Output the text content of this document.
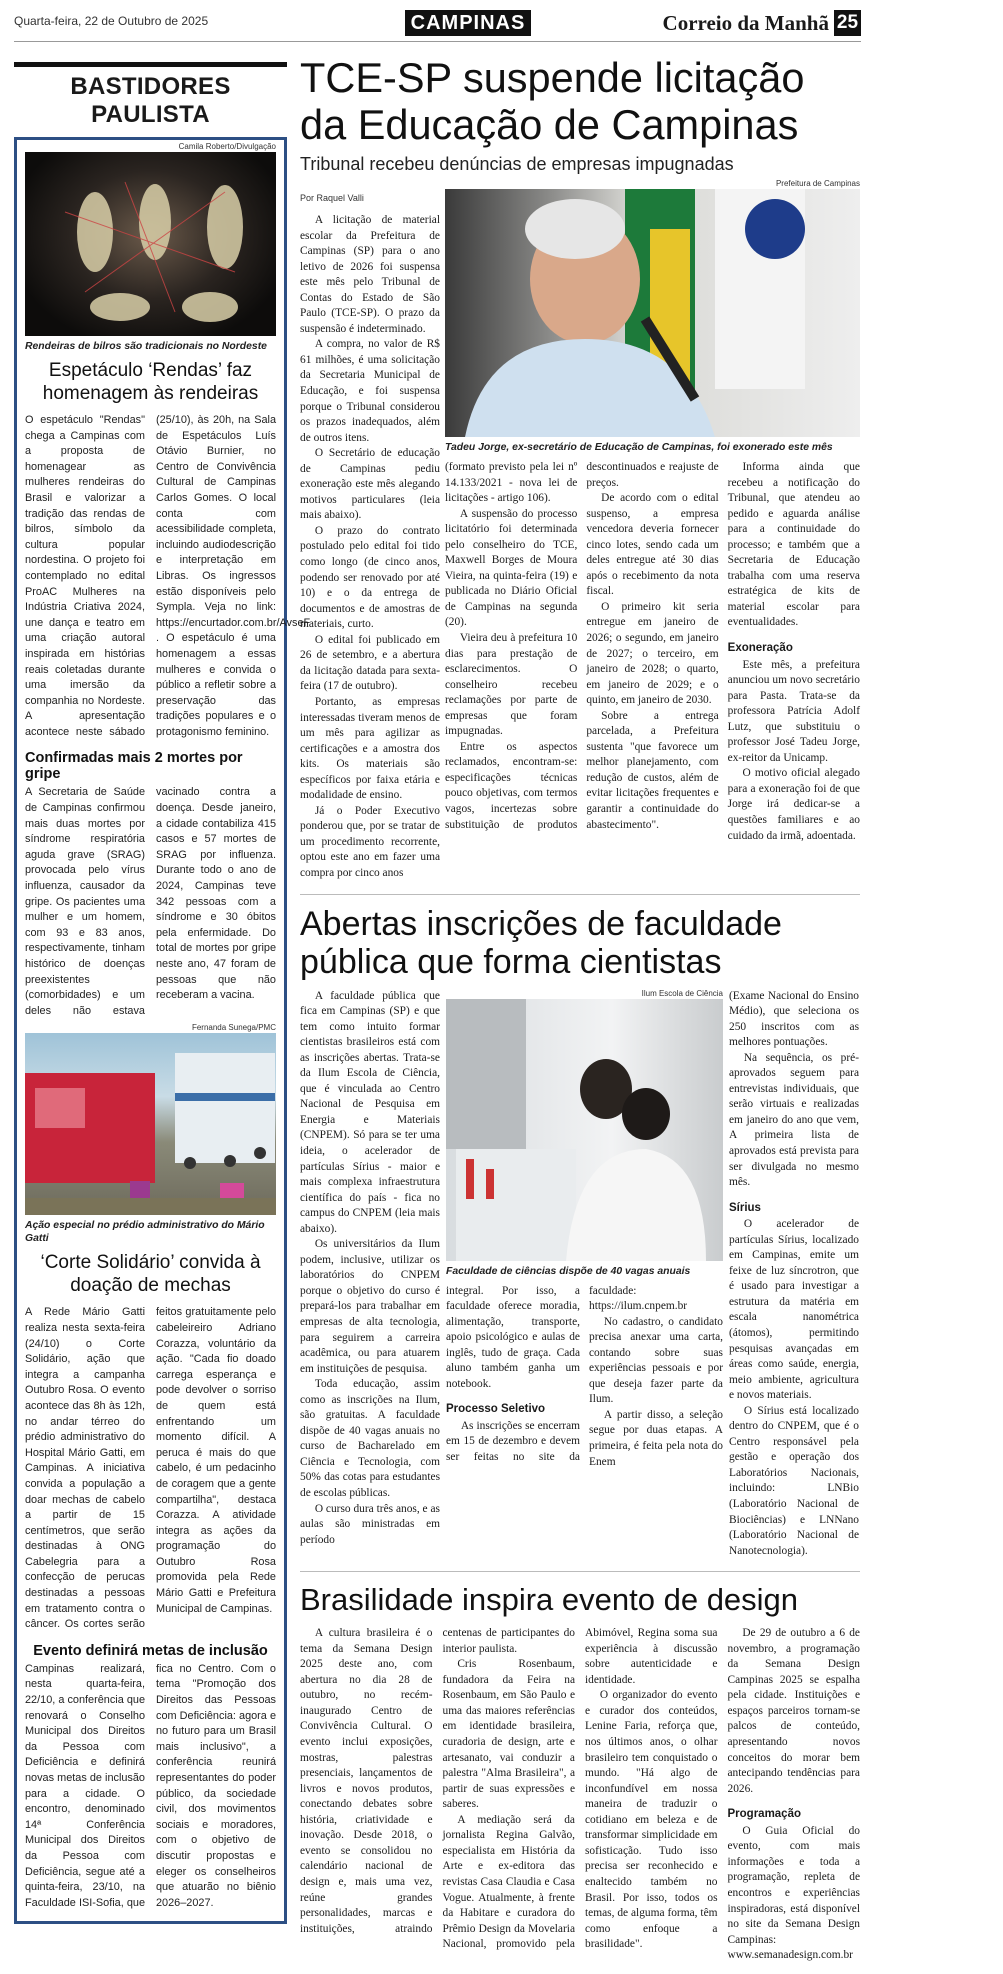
Quarta-feira, 22 de Outubro de 2025	CAMPINAS	Correio da Manhã 25
BASTIDORES PAULISTA
Camila Roberto/Divulgação
Rendeiras de bilros são tradicionais no Nordeste
Espetáculo ‘Rendas’ faz homenagem às rendeiras

O espetáculo "Rendas" chega a Campinas com a proposta de homenagear as mulheres rendeiras do Brasil e valorizar a tradição das rendas de bilros, símbolo da cultura popular nordestina. O projeto foi contemplado no edital ProAC Mulheres na Indústria Criativa 2024, une dança e teatro em uma criação autoral inspirada em histórias reais coletadas durante uma imersão da companhia no Nordeste. A apresentação acontece neste sábado (25/10), às 20h, na Sala de Espetáculos Luís Otávio Burnier, no Centro de Convivência Cultural de Campinas Carlos Gomes. O local conta com acessibilidade completa, incluindo audiodescrição e interpretação em Libras. Os ingressos estão disponíveis pelo Sympla. Veja no link: https://encurtador.com.br/AvseF . O espetáculo é uma homenagem a essas mulheres e convida o público a refletir sobre a preservação das tradições populares e o protagonismo feminino.

Confirmadas mais 2 mortes por gripe

A Secretaria de Saúde de Campinas confirmou mais duas mortes por síndrome respiratória aguda grave (SRAG) provocada pelo vírus influenza, causador da gripe. Os pacientes uma mulher e um homem, com 93 e 83 anos, respectivamente, tinham histórico de doenças preexistentes (comorbidades) e um deles não estava vacinado contra a doença. Desde janeiro, a cidade contabiliza 415 casos e 57 mortes de SRAG por influenza. Durante todo o ano de 2024, Campinas teve 342 pessoas com a síndrome e 30 óbitos pela enfermidade. Do total de mortes por gripe neste ano, 47 foram de pessoas que não receberam a vacina.

Fernanda Sunega/PMC
Ação especial no prédio administrativo do Mário Gatti
‘Corte Solidário’ convida à doação de mechas

A Rede Mário Gatti realiza nesta sexta-feira (24/10) o Corte Solidário, ação que integra a campanha Outubro Rosa. O evento acontece das 8h às 12h, no andar térreo do prédio administrativo do Hospital Mário Gatti, em Campinas. A iniciativa convida a população a doar mechas de cabelo a partir de 15 centímetros, que serão destinadas à ONG Cabelegria para a confecção de perucas destinadas a pessoas em tratamento contra o câncer. Os cortes serão feitos gratuitamente pelo cabeleireiro Adriano Corazza, voluntário da ação. "Cada fio doado carrega esperança e pode devolver o sorriso de quem está enfrentando um momento difícil. A peruca é mais do que cabelo, é um pedacinho de coragem que a gente compartilha", destaca Corazza. A atividade integra as ações da programação do Outubro Rosa promovida pela Rede Mário Gatti e Prefeitura Municipal de Campinas.

Evento definirá metas de inclusão

Campinas realizará, nesta quarta-feira, 22/10, a conferência que renovará o Conselho Municipal dos Direitos da Pessoa com Deficiência e definirá novas metas de inclusão para a cidade. O encontro, denominado 14ª Conferência Municipal dos Direitos da Pessoa com Deficiência, segue até a quinta-feira, 23/10, na Faculdade ISI-Sofia, que fica no Centro. Com o tema "Promoção dos Direitos das Pessoas com Deficiência: agora e no futuro para um Brasil mais inclusivo", a conferência reunirá representantes do poder público, da sociedade civil, dos movimentos sociais e moradores, com o objetivo de discutir propostas e eleger os conselheiros que atuarão no biênio 2026–2027.

TCE-SP suspende licitação da Educação de Campinas
Tribunal recebeu denúncias de empresas impugnadas
Por Raquel Valli

A licitação de material escolar da Prefeitura de Campinas (SP) para o ano letivo de 2026 foi suspensa este mês pelo Tribunal de Contas do Estado de São Paulo (TCE-SP). O prazo da suspensão é indeterminado.

A compra, no valor de R$ 61 milhões, é uma solicitação da Secretaria Municipal de Educação, e foi suspensa porque o Tribunal considerou os prazos inadequados, além de outros itens.

O Secretário de educação de Campinas pediu exoneração este mês alegando motivos particulares (leia mais abaixo).

O prazo do contrato postulado pelo edital foi tido como longo (de cinco anos, podendo ser renovado por até 10) e o da entrega de documentos e de amostras de materiais, curto.

O edital foi publicado em 26 de setembro, e a abertura da licitação datada para sexta-feira (17 de outubro).

Portanto, as empresas interessadas tiveram menos de um mês para agilizar as certificações e a amostra dos kits. Os materiais são específicos por faixa etária e modalidade de ensino.

Já o Poder Executivo ponderou que, por se tratar de um procedimento recorrente, optou este ano em fazer uma compra por cinco anos

Prefeitura de Campinas
Tadeu Jorge, ex-secretário de Educação de Campinas, foi exonerado este mês

(formato previsto pela lei nº 14.133/2021 - nova lei de licitações - artigo 106).

A suspensão do processo licitatório foi determinada pelo conselheiro do TCE, Maxwell Borges de Moura Vieira, na quinta-feira (19) e publicada no Diário Oficial de Campinas na segunda (20).

Vieira deu à prefeitura 10 dias para prestação de esclarecimentos. O conselheiro recebeu reclamações por parte de empresas que foram impugnadas.

Entre os aspectos reclamados, encontram-se: especificações técnicas pouco objetivas, com termos vagos, incertezas sobre substituição de produtos descontinuados e reajuste de preços.

De acordo com o edital suspenso, a empresa vencedora deveria fornecer cinco lotes, sendo cada um deles entregue até 30 dias após o recebimento da nota fiscal.

O primeiro kit seria entregue em janeiro de 2026; o segundo, em janeiro de 2027; o terceiro, em janeiro de 2028; o quarto, em janeiro de 2029; e o quinto, em janeiro de 2030.

Sobre a entrega parcelada, a Prefeitura sustenta "que favorece um melhor planejamento, com redução de custos, além de evitar licitações frequentes e garantir a continuidade do abastecimento".

Informa ainda que recebeu a notificação do Tribunal, que atendeu ao pedido e aguarda análise para a continuidade do processo; e também que a Secretaria de Educação trabalha com uma reserva estratégica de kits de material escolar para eventualidades.

Exoneração

Este mês, a prefeitura anunciou um novo secretário para Pasta. Trata-se da professora Patrícia Adolf Lutz, que substituiu o professor José Tadeu Jorge, ex-reitor da Unicamp.

O motivo oficial alegado para a exoneração foi de que Jorge irá dedicar-se a questões familiares e ao cuidado da irmã, adoentada.

Abertas inscrições de faculdade pública que forma cientistas

A faculdade pública que fica em Campinas (SP) e que tem como intuito formar cientistas brasileiros está com as inscrições abertas. Trata-se da Ilum Escola de Ciência, que é vinculada ao Centro Nacional de Pesquisa em Energia e Materiais (CNPEM). Só para se ter uma ideia, o acelerador de partículas Sírius - maior e mais complexa infraestrutura científica do país - fica no campus do CNPEM (leia mais abaixo).

Os universitários da Ilum podem, inclusive, utilizar os laboratórios do CNPEM porque o objetivo do curso é prepará-los para trabalhar em empresas de alta tecnologia, para seguirem a carreira acadêmica, ou para atuarem em instituições de pesquisa.

Toda educação, assim como as inscrições na Ilum, são gratuitas. A faculdade dispõe de 40 vagas anuais no curso de Bacharelado em Ciência e Tecnologia, com 50% das cotas para estudantes de escolas públicas.

O curso dura três anos, e as aulas são ministradas em período

Ilum Escola de Ciência
Faculdade de ciências dispõe de 40 vagas anuais

integral. Por isso, a faculdade oferece moradia, alimentação, transporte, apoio psicológico e aulas de inglês, tudo de graça. Cada aluno também ganha um notebook.

Processo Seletivo

As inscrições se encerram em 15 de dezembro e devem ser feitas no site da faculdade: https://ilum.cnpem.br

No cadastro, o candidato precisa anexar uma carta, contando sobre suas experiências pessoais e por que deseja fazer parte da Ilum.

A partir disso, a seleção segue por duas etapas. A primeira, é feita pela nota do Enem

(Exame Nacional do Ensino Médio), que seleciona os 250 inscritos com as melhores pontuações.

Na sequência, os pré-aprovados seguem para entrevistas individuais, que serão virtuais e realizadas em janeiro do ano que vem, A primeira lista de aprovados está prevista para ser divulgada no mesmo mês.

Sírius

O acelerador de partículas Sírius, localizado em Campinas, emite um feixe de luz síncrotron, que é usado para investigar a estrutura da matéria em escala nanométrica (átomos), permitindo pesquisas avançadas em áreas como saúde, energia, meio ambiente, agricultura e novos materiais.

O Sírius está localizado dentro do CNPEM, que é o Centro responsável pela gestão e operação dos Laboratórios Nacionais, incluindo: LNBio (Laboratório Nacional de Biociências) e LNNano (Laboratório Nacional de Nanotecnologia).

Brasilidade inspira evento de design

A cultura brasileira é o tema da Semana Design 2025 deste ano, com abertura no dia 28 de outubro, no recém-inaugurado Centro de Convivência Cultural. O evento inclui exposições, mostras, palestras presenciais, lançamentos de livros e novos produtos, conectando debates sobre história, criatividade e inovação. Desde 2018, o evento se consolidou no calendário nacional de design e, mais uma vez, reúne grandes personalidades, marcas e instituições, atraindo centenas de participantes do interior paulista.

Cris Rosenbaum, fundadora da Feira na Rosenbaum, em São Paulo e uma das maiores referências em identidade brasileira, curadoria de design, arte e artesanato, vai conduzir a palestra "Alma Brasileira", a partir de suas expressões e saberes.

A mediação será da jornalista Regina Galvão, especialista em História da Arte e ex-editora das revistas Casa Claudia e Casa Vogue. Atualmente, à frente da Habitare e curadora do Prêmio Design da Movelaria Nacional, promovido pela Abimóvel, Regina soma sua experiência à discussão sobre autenticidade e identidade.

O organizador do evento e curador dos conteúdos, Lenine Faria, reforça que, nos últimos anos, o olhar brasileiro tem conquistado o mundo. "Há algo de inconfundível em nossa maneira de traduzir o cotidiano em beleza e de transformar simplicidade em sofisticação. Tudo isso precisa ser reconhecido e enaltecido também no Brasil. Por isso, todos os temas, de alguma forma, têm como enfoque a brasilidade".

De 29 de outubro a 6 de novembro, a programação da Semana Design Campinas 2025 se espalha pela cidade. Instituições e espaços parceiros tornam-se palcos de conteúdo, apresentando novos conceitos do morar bem antecipando tendências para 2026.

Programação

O Guia Oficial do evento, com mais informações e toda a programação, repleta de encontros e experiências inspiradoras, está disponível no site da Semana Design Campinas: www.semanadesign.com.br
